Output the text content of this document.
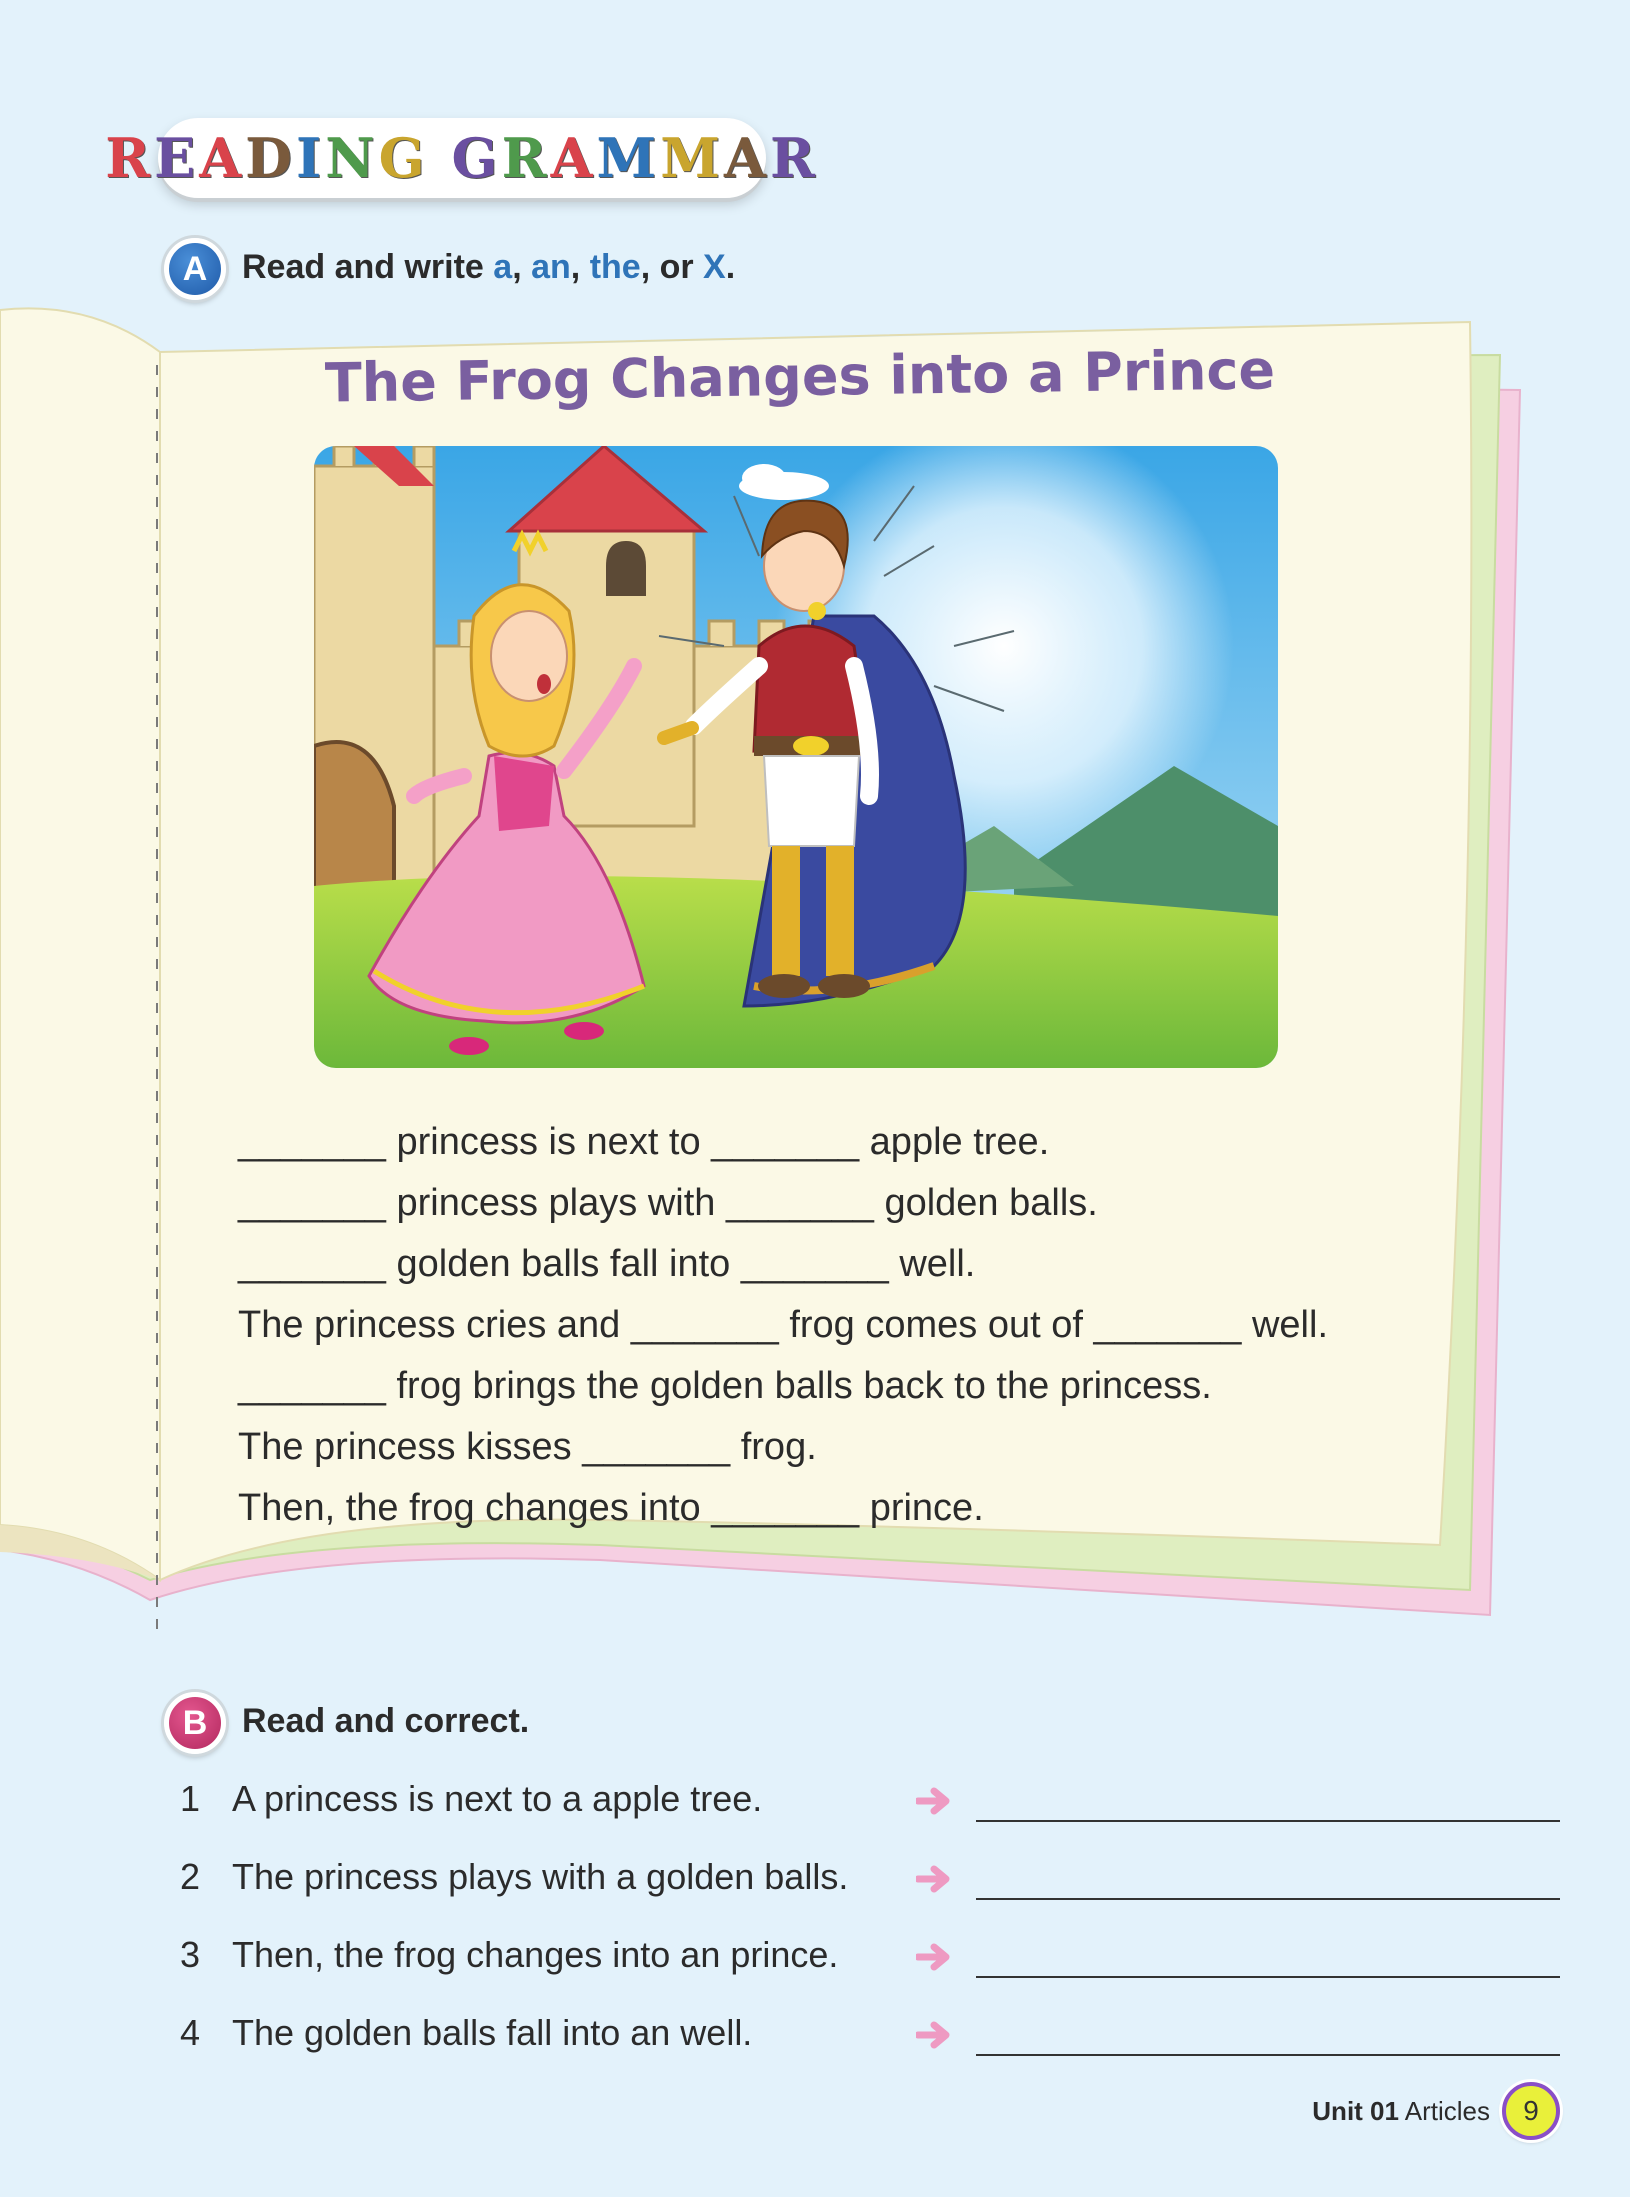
READING GRAMMAR
A	Read and write a, an, the, or X.
The Frog Changes into a Prince
_______ princess is next to _______ apple tree.
_______ princess plays with _______ golden balls.
_______ golden balls fall into _______ well.
The princess cries and _______ frog comes out of _______ well.
_______ frog brings the golden balls back to the princess.
The princess kisses _______ frog.
Then, the frog changes into _______ prince.
B	Read and correct.
1 A princess is next to a apple tree.
2 The princess plays with a golden balls.
3 Then, the frog changes into an prince.
4 The golden balls fall into an well.
Unit 01 Articles	9
